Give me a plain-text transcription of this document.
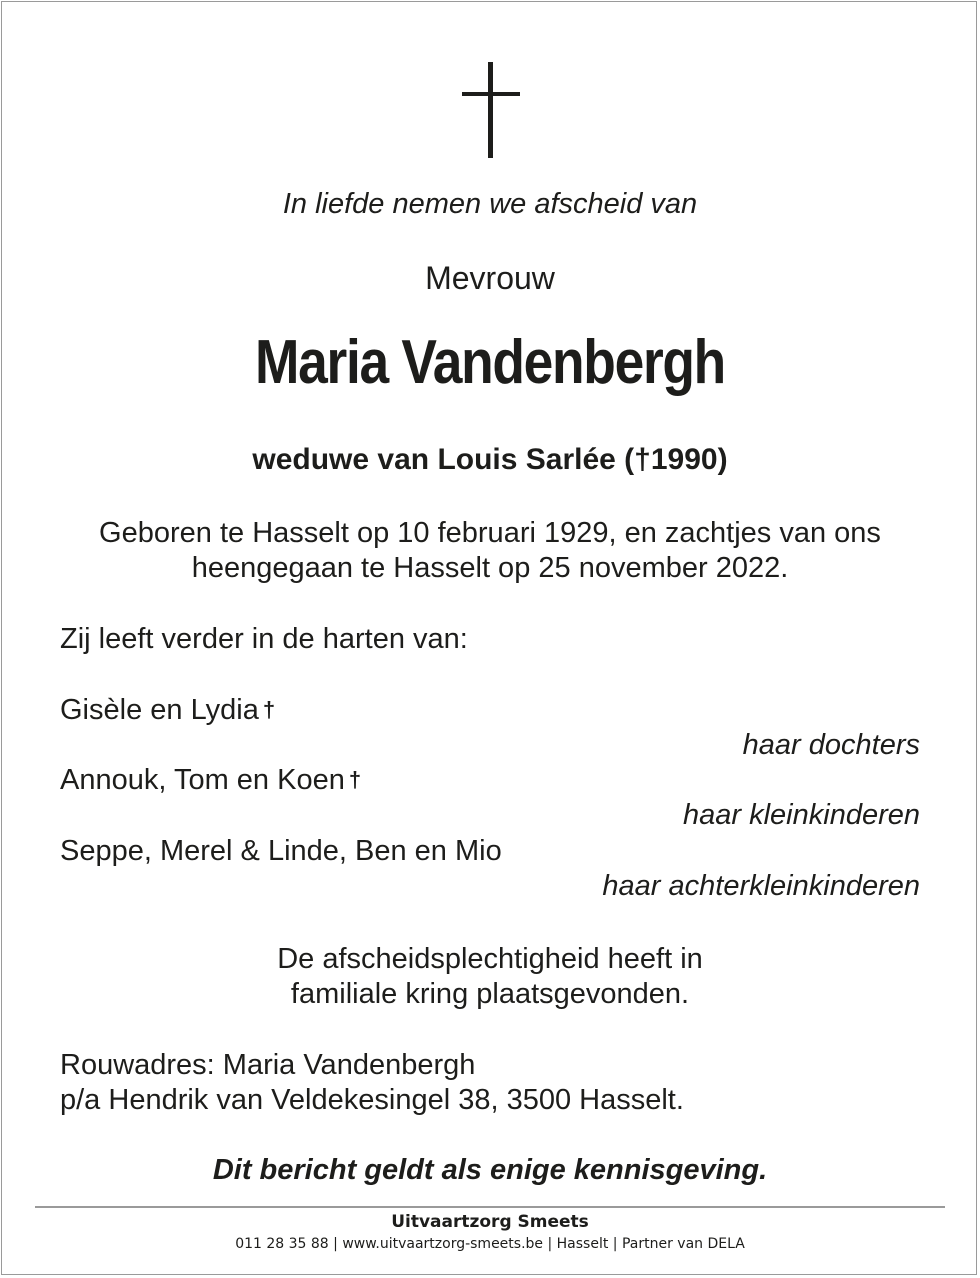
In liefde nemen we afscheid van
Mevrouw
Maria Vandenbergh
weduwe van Louis Sarlée (†1990)
Geboren te Hasselt op 10 februari 1929, en zachtjes van ons
heengegaan te Hasselt op 25 november 2022.
Zij leeft verder in de harten van:
Gisèle en Lydia †
haar dochters
Annouk, Tom en Koen †
haar kleinkinderen
Seppe, Merel & Linde, Ben en Mio
haar achterkleinkinderen
De afscheidsplechtigheid heeft in
familiale kring plaatsgevonden.
Rouwadres: Maria Vandenbergh
p/a Hendrik van Veldekesingel 38, 3500 Hasselt.
Dit bericht geldt als enige kennisgeving.
Uitvaartzorg Smeets
011 28 35 88 | www.uitvaartzorg-smeets.be | Hasselt | Partner van DELA
